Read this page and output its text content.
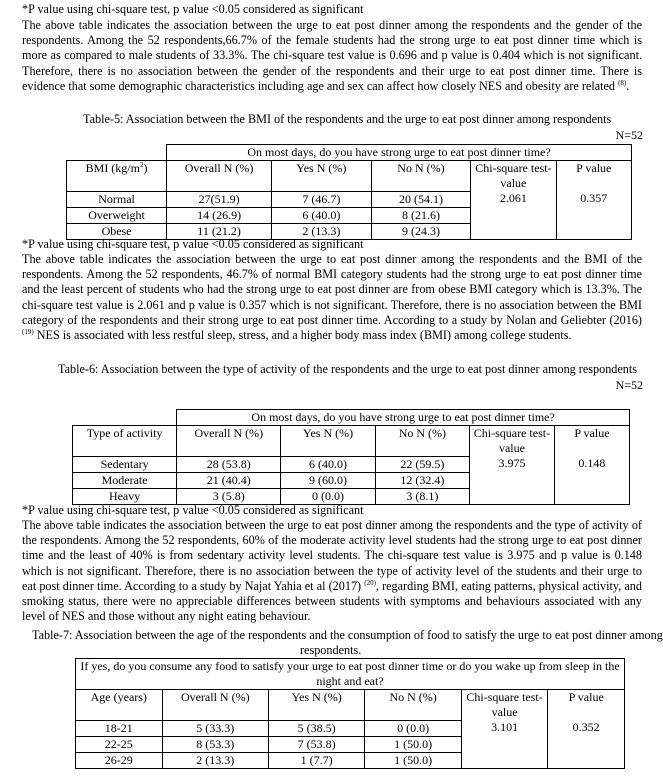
*P value using chi-square test, p value <0.05 considered as significant
The above table indicates the association between the urge to eat post dinner among the respondents and the gender of the respondents. Among the 52 respondents,66.7% of the female students had the strong urge to eat post dinner time which is more as compared to male students of 33.3%. The chi-square test value is 0.696 and p value is 0.404 which is not significant. Therefore, there is no association between the gender of the respondents and their urge to eat post dinner time. There is evidence that some demographic characteristics including age and sex can affect how closely NES and obesity are related $^{(8)}$.
Table-5: Association between the BMI of the respondents and the urge to eat post dinner among respondents
N=52
	On most days, do you have strong urge to eat post dinner time?				
BMI $(kg/m^2)$	Overall N (%)	Yes N (%)	No N (%)	Chi-square test-value	P value
Normal	27(51.9)	7 (46.7)	20 (54.1)	2.061	0.357
Overweight	14 (26.9)	6 (40.0)	8 (21.6)		
Obese	11 (21.2)	2 (13.3)	9 (24.3)		
*P value using chi-square test, p value <0.05 considered as significant
The above table indicates the association between the urge to eat post dinner among the respondents and the BMI of the respondents. Among the 52 respondents, 46.7% of normal BMI category students had the strong urge to eat post dinner time and the least percent of students who had the strong urge to eat post dinner are from obese BMI category which is 13.3%. The chi-square test value is 2.061 and p value is 0.357 which is not significant. Therefore, there is no association between the BMI category of the respondents and their strong urge to eat post dinner time. According to a study by Nolan and Geliebter (2016) $^{(19)}$ NES is associated with less restful sleep, stress, and a higher body mass index (BMI) among college students.
Table-6: Association between the type of activity of the respondents and the urge to eat post dinner among respondents
N=52
	On most days, do you have strong urge to eat post dinner time?				
Type of activity	Overall N (%)	Yes N (%)	No N (%)	Chi-square test-value	P value
Sedentary	28 (53.8)	6 (40.0)	22 (59.5)	3.975	0.148
Moderate	21 (40.4)	9 (60.0)	12 (32.4)		
Heavy	3 (5.8)	0 (0.0)	3 (8.1)		
*P value using chi-square test, p value <0.05 considered as significant
The above table indicates the association between the urge to eat post dinner among the respondents and the type of activity of the respondents. Among the 52 respondents, 60% of the moderate activity level students had the strong urge to eat post dinner time and the least of 40% is from sedentary activity level students. The chi-square test value is 3.975 and p value is 0.148 which is not significant. Therefore, there is no association between the type of activity level of the students and their urge to eat post dinner time. According to a study by Najat Yahia et al (2017) $^{(20)}$, regarding BMI, eating patterns, physical activity, and smoking status, there were no appreciable differences between students with symptoms and behaviours associated with any level of NES and those without any night eating behaviour.
Table-7: Association between the age of the respondents and the consumption of food to satisfy the urge to eat post dinner among
respondents.
If yes, do you consume any food to satisfy your urge to eat post dinner time or do you wake up from sleep in the night and eat?					
Age (years)	Overall N (%)	Yes N (%)	No N (%)	Chi-square test-value	P value
18-21	5 (33.3)	5 (38.5)	0 (0.0)	3.101	0.352
22-25	8 (53.3)	7 (53.8)	1 (50.0)		
26-29	2 (13.3)	1 (7.7)	1 (50.0)		
